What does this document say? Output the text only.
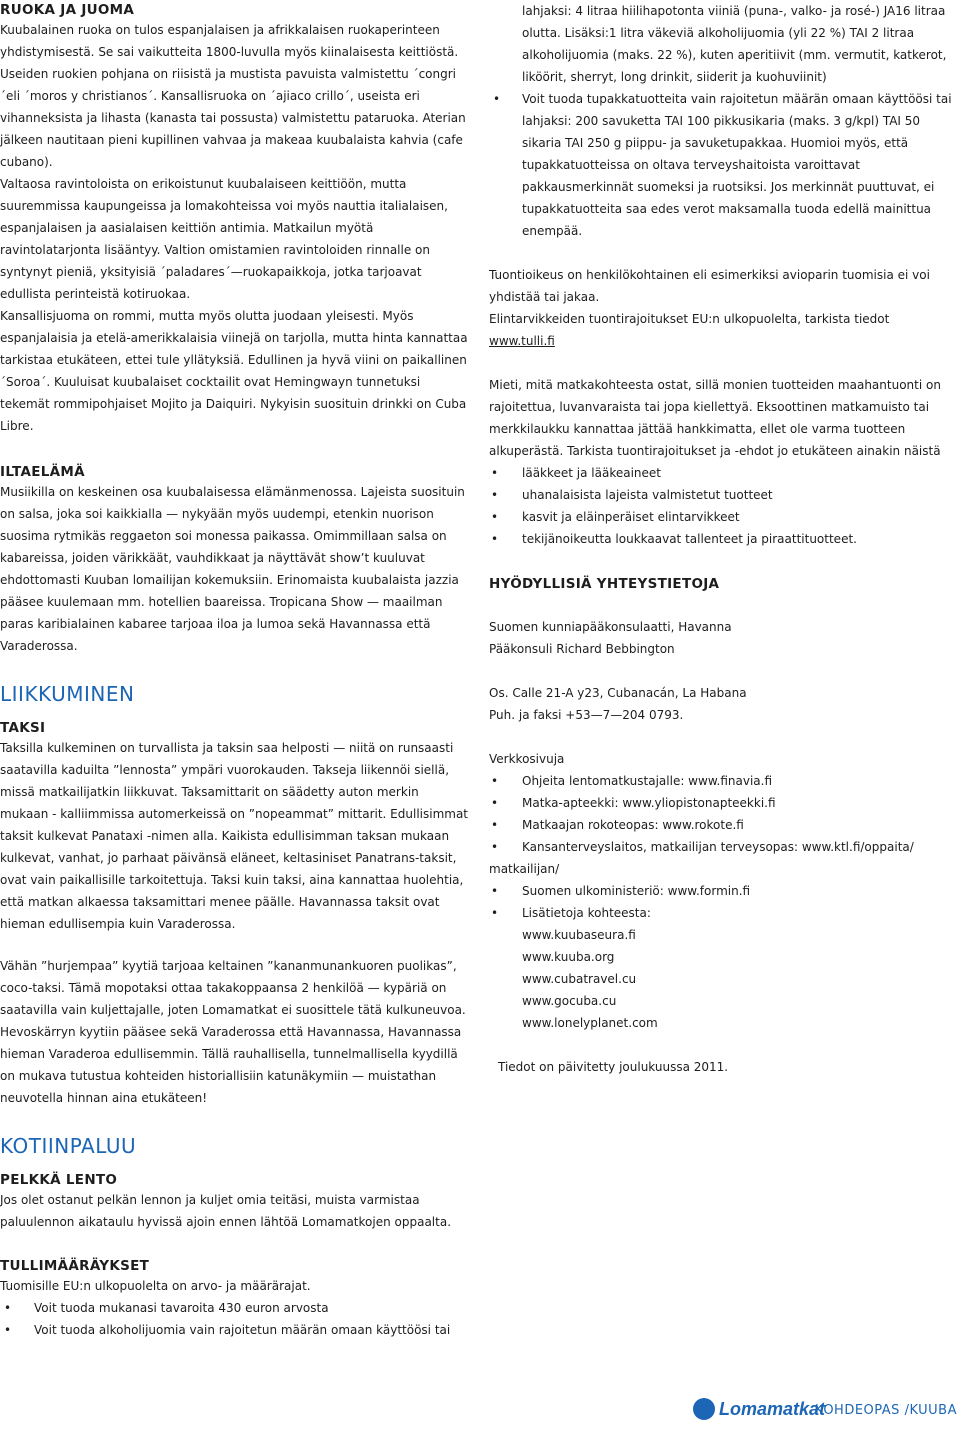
RUOKA JA JUOMA

Kuubalainen ruoka on tulos espanjalaisen ja afrikkalaisen ruokaperinteen yhdistymisestä. Se sai vaikutteita 1800-luvulla myös kiinalaisesta keittiöstä. Useiden ruokien pohjana on riisistä ja mustista pavuista valmistettu ´congri´eli ´moros y christianos´. Kansallisruoka on ´ajiaco crillo´, useista eri vihanneksista ja lihasta (kanasta tai possusta) valmistettu pataruoka. Aterian jälkeen nautitaan pieni kupillinen vahvaa ja makeaa kuubalaista kahvia (cafe cubano).

Valtaosa ravintoloista on erikoistunut kuubalaiseen keittiöön, mutta suuremmissa kaupungeissa ja lomakohteissa voi myös nauttia italialaisen, espanjalaisen ja aasialaisen keittiön antimia. Matkailun myötä ravintolatarjonta lisääntyy. Valtion omistamien ravintoloiden rinnalle on syntynyt pieniä, yksityisiä ´paladares´—ruokapaikkoja, jotka tarjoavat edullista perinteistä kotiruokaa.

Kansallisjuoma on rommi, mutta myös olutta juodaan yleisesti. Myös espanjalaisia ja etelä-amerikkalaisia viinejä on tarjolla, mutta hinta kannattaa tarkistaa etukäteen, ettei tule yllätyksiä. Edullinen ja hyvä viini on paikallinen ´Soroa´. Kuuluisat kuubalaiset cocktailit ovat Hemingwayn tunnetuksi tekemät rommipohjaiset Mojito ja Daiquiri. Nykyisin suosituin drinkki on Cuba Libre.

ILTAELÄMÄ

Musiikilla on keskeinen osa kuubalaisessa elämänmenossa. Lajeista suosituin on salsa, joka soi kaikkialla — nykyään myös uudempi, etenkin nuorison suosima rytmikäs reggaeton soi monessa paikassa. Omimmillaan salsa on kabareissa, joiden värikkäät, vauhdikkaat ja näyttävät show’t kuuluvat ehdottomasti Kuuban lomailijan kokemuksiin. Erinomaista kuubalaista jazzia pääsee kuulemaan mm. hotellien baareissa. Tropicana Show — maailman paras karibialainen kabaree tarjoaa iloa ja lumoa sekä Havannassa että Varaderossa.

LIIKKUMINEN

TAKSI

Taksilla kulkeminen on turvallista ja taksin saa helposti — niitä on runsaasti saatavilla kaduilta ”lennosta” ympäri vuorokauden. Takseja liikennöi siellä, missä matkailijatkin liikkuvat. Taksamittarit on säädetty auton merkin mukaan - kalliimmissa automerkeissä on ”nopeammat” mittarit. Edullisimmat taksit kulkevat Panataxi -nimen alla. Kaikista edullisimman taksan mukaan kulkevat, vanhat, jo parhaat päivänsä eläneet, keltasiniset Panatrans-taksit, ovat vain paikallisille tarkoitettuja. Taksi kuin taksi, aina kannattaa huolehtia, että matkan alkaessa taksamittari menee päälle. Havannassa taksit ovat hieman edullisempia kuin Varaderossa.

Vähän ”hurjempaa” kyytiä tarjoaa keltainen ”kananmunankuoren puolikas”, coco-taksi. Tämä mopotaksi ottaa takakoppaansa 2 henkilöä — kypäriä on saatavilla vain kuljettajalle, joten Lomamatkat ei suosittele tätä kulkuneuvoa.

Hevoskärryn kyytiin pääsee sekä Varaderossa että Havannassa, Havannassa hieman Varaderoa edullisemmin. Tällä rauhallisella, tunnelmallisella kyydillä on mukava tutustua kohteiden historiallisiin katunäkymiin — muistathan neuvotella hinnan aina etukäteen!

KOTIINPALUU

PELKKÄ LENTO

Jos olet ostanut pelkän lennon ja kuljet omia teitäsi, muista varmistaa paluulennon aikataulu hyvissä ajoin ennen lähtöä Lomamatkojen oppaalta.

TULLIMÄÄRÄYKSET

Tuomisille EU:n ulkopuolelta on arvo- ja määrärajat.

• Voit tuoda mukanasi tavaroita 430 euron arvosta
• Voit tuoda alkoholijuomia vain rajoitetun määrän omaan käyttöösi tai

lahjaksi: 4 litraa hiilihapotonta viiniä (puna-, valko- ja rosé-) JA16 litraa olutta. Lisäksi:1 litra väkeviä alkoholijuomia (yli 22 %) TAI 2 litraa alkoholijuomia (maks. 22 %), kuten aperitiivit (mm. vermutit, katkerot, liköörit, sherryt, long drinkit, siiderit ja kuohuviinit)

• Voit tuoda tupakkatuotteita vain rajoitetun määrän omaan käyttöösi tai lahjaksi: 200 savuketta TAI 100 pikkusikaria (maks. 3 g/kpl) TAI 50 sikaria TAI 250 g piippu- ja savuketupakkaa. Huomioi myös, että tupakkatuotteissa on oltava terveyshaitoista varoittavat pakkausmerkinnät suomeksi ja ruotsiksi. Jos merkinnät puuttuvat, ei tupakkatuotteita saa edes verot maksamalla tuoda edellä mainittua enempää.

Tuontioikeus on henkilökohtainen eli esimerkiksi avioparin tuomisia ei voi yhdistää tai jakaa.

Elintarvikkeiden tuontirajoitukset EU:n ulkopuolelta, tarkista tiedot

www.tulli.fi

Mieti, mitä matkakohteesta ostat, sillä monien tuotteiden maahantuonti on rajoitettua, luvanvaraista tai jopa kiellettyä. Eksoottinen matkamuisto tai merkkilaukku kannattaa jättää hankkimatta, ellet ole varma tuotteen alkuperästä. Tarkista tuontirajoitukset ja -ehdot jo etukäteen ainakin näistä

• lääkkeet ja lääkeaineet
• uhanalaisista lajeista valmistetut tuotteet
• kasvit ja eläinperäiset elintarvikkeet
• tekijänoikeutta loukkaavat tallenteet ja piraattituotteet.

HYÖDYLLISIÄ YHTEYSTIETOJA

Suomen kunniapääkonsulaatti, Havanna

Pääkonsuli Richard Bebbington

Os. Calle 21-A y23, Cubanacán, La Habana

Puh. ja faksi +53—7—204 0793.

Verkkosivuja

• Ohjeita lentomatkustajalle: www.finavia.fi
• Matka-apteekki: www.yliopistonapteekki.fi
• Matkaajan rokoteopas: www.rokote.fi
• Kansanterveyslaitos, matkailijan terveysopas: www.ktl.fi/oppaita/

matkailijan/

• Suomen ulkoministeriö: www.formin.fi
• Lisätietoja kohteesta:
www.kuubaseura.fi
www.kuuba.org
www.cubatravel.cu
www.gocuba.cu
www.lonelyplanet.com

Tiedot on päivitetty joulukuussa 2011.

Lomamatkat
KOHDEOPAS /KUUBA
